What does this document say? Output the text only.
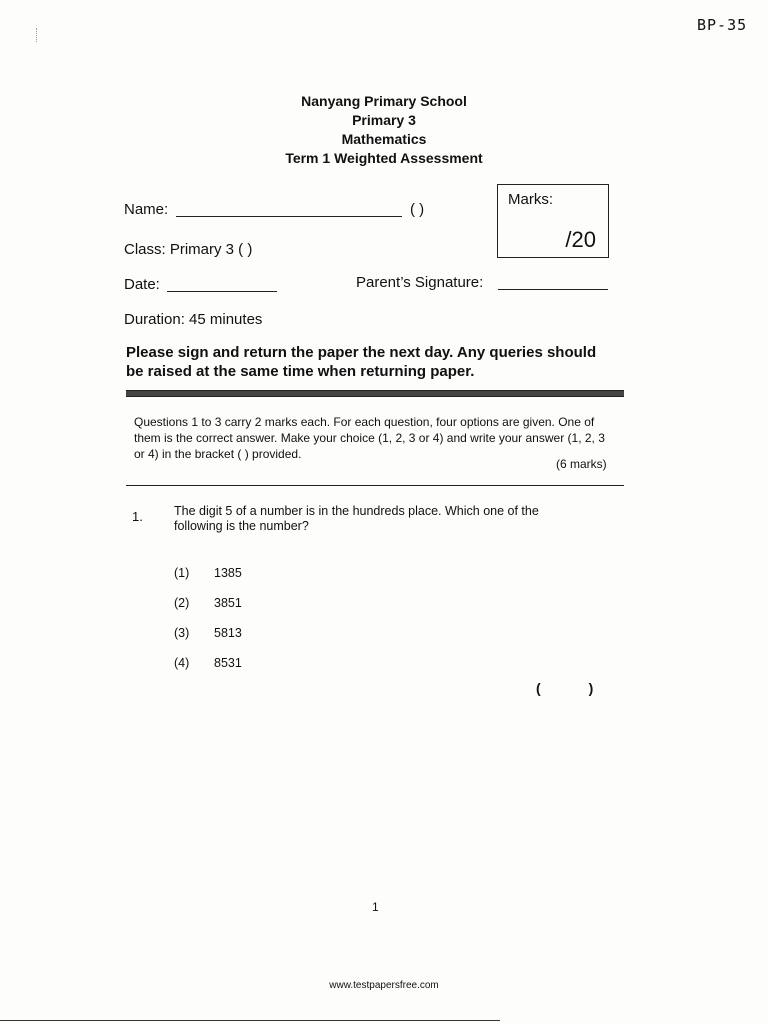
BP-35
Nanyang Primary School
Primary 3
Mathematics
Term 1 Weighted Assessment
Name:	( )
Marks:
/20
Class: Primary 3 ( )
Date:	Parent’s Signature:
Duration: 45 minutes
Please sign and return the paper the next day. Any queries should be raised at the same time when returning paper.
Questions 1 to 3 carry 2 marks each. For each question, four options are given. One of them is the correct answer. Make your choice (1, 2, 3 or 4) and write your answer (1, 2, 3 or 4) in the bracket ( ) provided.
(6 marks)
1. The digit 5 of a number is in the hundreds place. Which one of the following is the number?
(1) 1385
(2) 3851
(3) 5813
(4) 8531
(	)
1
www.testpapersfree.com
